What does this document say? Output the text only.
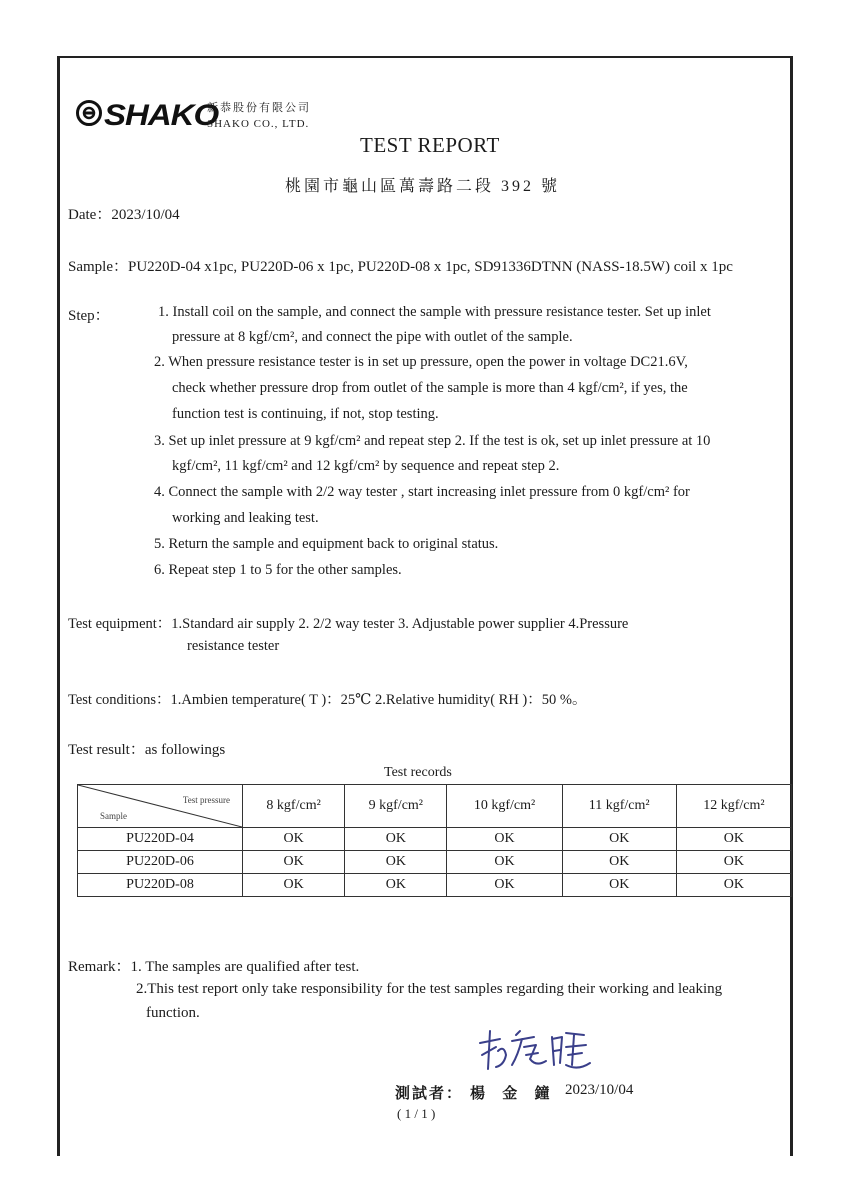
SHAKO
新恭股份有限公司
SHAKO CO., LTD.
TEST REPORT
桃園市龜山區萬壽路二段 392 號
Date：2023/10/04
Sample：PU220D-04 x1pc, PU220D-06 x 1pc, PU220D-08 x 1pc, SD91336DTNN (NASS-18.5W) coil x 1pc
Step：	1. Install coil on the sample, and connect the sample with pressure resistance tester. Set up inlet
pressure at 8 kgf/cm², and connect the pipe with outlet of the sample.
2. When pressure resistance tester is in set up pressure, open the power in voltage DC21.6V,
check whether pressure drop from outlet of the sample is more than 4 kgf/cm², if yes, the
function test is continuing, if not, stop testing.
3. Set up inlet pressure at 9 kgf/cm² and repeat step 2. If the test is ok, set up inlet pressure at 10
kgf/cm², 11 kgf/cm² and 12 kgf/cm² by sequence and repeat step 2.
4. Connect the sample with 2/2 way tester , start increasing inlet pressure from 0 kgf/cm² for
working and leaking test.
5. Return the sample and equipment back to original status.
6. Repeat step 1 to 5 for the other samples.
Test equipment：1.Standard air supply 2. 2/2 way tester 3. Adjustable power supplier 4.Pressure
resistance tester
Test conditions：1.Ambien temperature( T )：25℃ 2.Relative humidity( RH )：50 %。
Test result：as followings
Test records
Test pressure
Sample	8 kgf/cm²	9 kgf/cm²	10 kgf/cm²	11 kgf/cm²	12 kgf/cm²
PU220D-04	OK	OK	OK	OK	OK
PU220D-06	OK	OK	OK	OK	OK
PU220D-08	OK	OK	OK	OK	OK
Remark：1. The samples are qualified after test.
2.This test report only take responsibility for the test samples regarding their working and leaking
function.
測試者： 楊 金 鐘 2023/10/04
( 1 / 1 )
